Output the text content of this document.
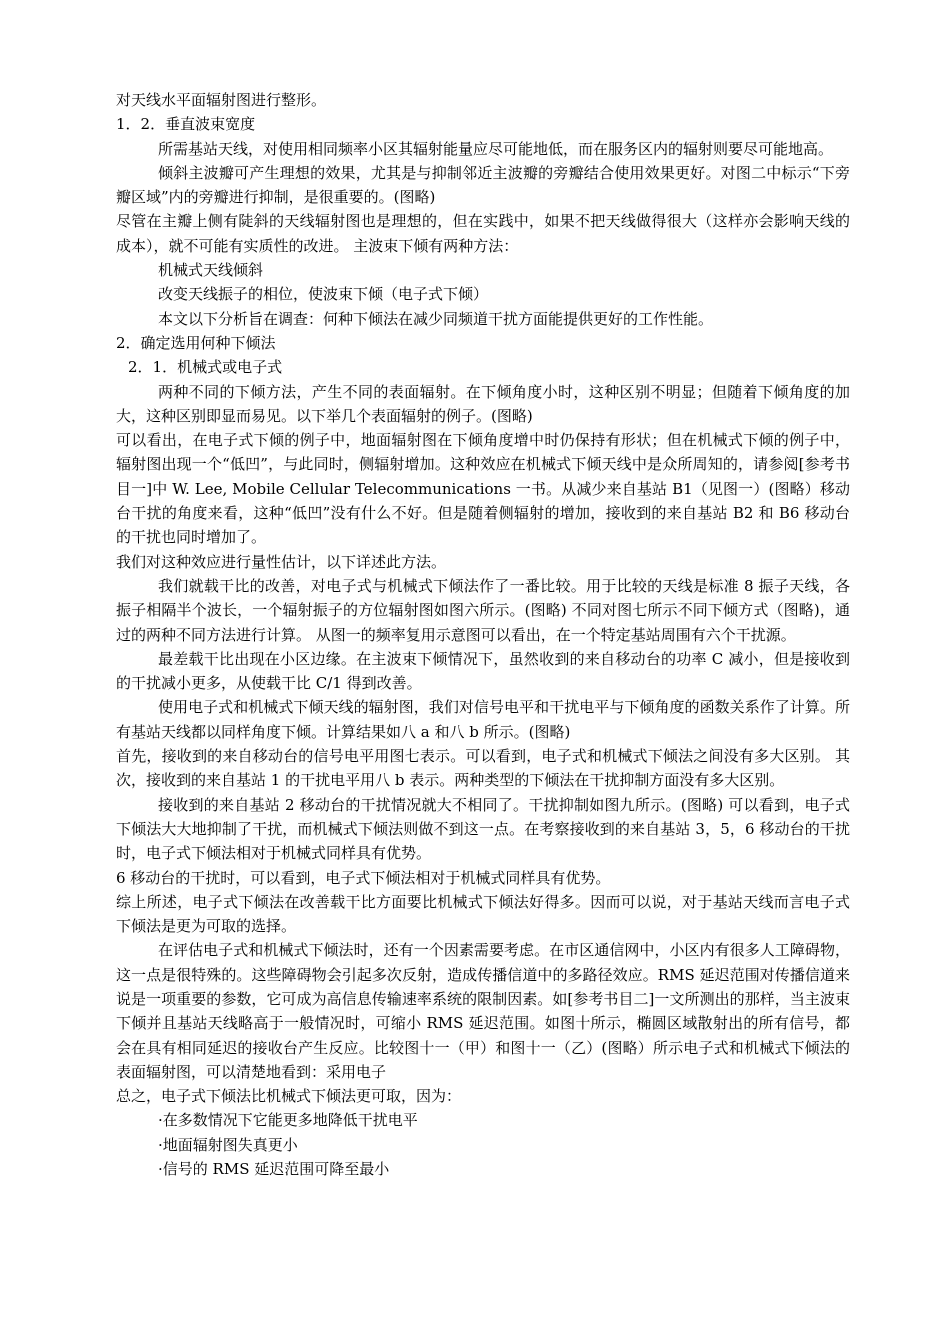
对天线水平面辐射图进行整形。

1．2．垂直波束宽度

所需基站天线，对使用相同频率小区其辐射能量应尽可能地低，而在服务区内的辐射则要尽可能地高。

倾斜主波瓣可产生理想的效果，尤其是与抑制邻近主波瓣的旁瓣结合使用效果更好。对图二中标示“下旁瓣区域”内的旁瓣进行抑制，是很重要的。(图略)

尽管在主瓣上侧有陡斜的天线辐射图也是理想的，但在实践中，如果不把天线做得很大（这样亦会影响天线的成本），就不可能有实质性的改进。 主波束下倾有两种方法：

机械式天线倾斜

改变天线振子的相位，使波束下倾（电子式下倾）

本文以下分析旨在调查：何种下倾法在减少同频道干扰方面能提供更好的工作性能。

2．确定选用何种下倾法

2．1．机械式或电子式

两种不同的下倾方法，产生不同的表面辐射。在下倾角度小时，这种区别不明显；但随着下倾角度的加大，这种区别即显而易见。以下举几个表面辐射的例子。(图略)

可以看出，在电子式下倾的例子中，地面辐射图在下倾角度增中时仍保持有形状；但在机械式下倾的例子中，辐射图出现一个“低凹”，与此同时，侧辐射增加。这种效应在机械式下倾天线中是众所周知的，请参阅[参考书目一]中 W. Lee, Mobile Cellular Telecommunications 一书。从减少来自基站 B1（见图一）(图略）移动台干扰的角度来看，这种“低凹”没有什么不好。但是随着侧辐射的增加，接收到的来自基站 B2 和 B6 移动台的干扰也同时增加了。

我们对这种效应进行量性估计，以下详述此方法。

我们就载干比的改善，对电子式与机械式下倾法作了一番比较。用于比较的天线是标准 8 振子天线，各振子相隔半个波长，一个辐射振子的方位辐射图如图六所示。(图略) 不同对图七所示不同下倾方式（图略)，通过的两种不同方法进行计算。 从图一的频率复用示意图可以看出，在一个特定基站周围有六个干扰源。

最差载干比出现在小区边缘。在主波束下倾情况下，虽然收到的来自移动台的功率 C 减小，但是接收到的干扰减小更多，从使载干比 C/1 得到改善。

使用电子式和机械式下倾天线的辐射图，我们对信号电平和干扰电平与下倾角度的函数关系作了计算。所有基站天线都以同样角度下倾。计算结果如八 a 和八 b 所示。(图略)

首先，接收到的来自移动台的信号电平用图七表示。可以看到，电子式和机械式下倾法之间没有多大区别。 其次，接收到的来自基站 1 的干扰电平用八 b 表示。两种类型的下倾法在干扰抑制方面没有多大区别。

接收到的来自基站 2 移动台的干扰情况就大不相同了。干扰抑制如图九所示。(图略) 可以看到，电子式下倾法大大地抑制了干扰，而机械式下倾法则做不到这一点。在考察接收到的来自基站 3，5，6 移动台的干扰时，电子式下倾法相对于机械式同样具有优势。

6 移动台的干扰时，可以看到，电子式下倾法相对于机械式同样具有优势。

综上所述，电子式下倾法在改善载干比方面要比机械式下倾法好得多。因而可以说，对于基站天线而言电子式下倾法是更为可取的选择。

在评估电子式和机械式下倾法时，还有一个因素需要考虑。在市区通信网中，小区内有很多人工障碍物，这一点是很特殊的。这些障碍物会引起多次反射，造成传播信道中的多路径效应。RMS 延迟范围对传播信道来说是一项重要的参数，它可成为高信息传输速率系统的限制因素。如[参考书目二]一文所测出的那样，当主波束下倾并且基站天线略高于一般情况时，可缩小 RMS 延迟范围。如图十所示，椭圆区域散射出的所有信号，都会在具有相同延迟的接收台产生反应。比较图十一（甲）和图十一（乙）(图略）所示电子式和机械式下倾法的表面辐射图，可以清楚地看到：采用电子

总之，电子式下倾法比机械式下倾法更可取，因为：

·在多数情况下它能更多地降低干扰电平

·地面辐射图失真更小

·信号的 RMS 延迟范围可降至最小
